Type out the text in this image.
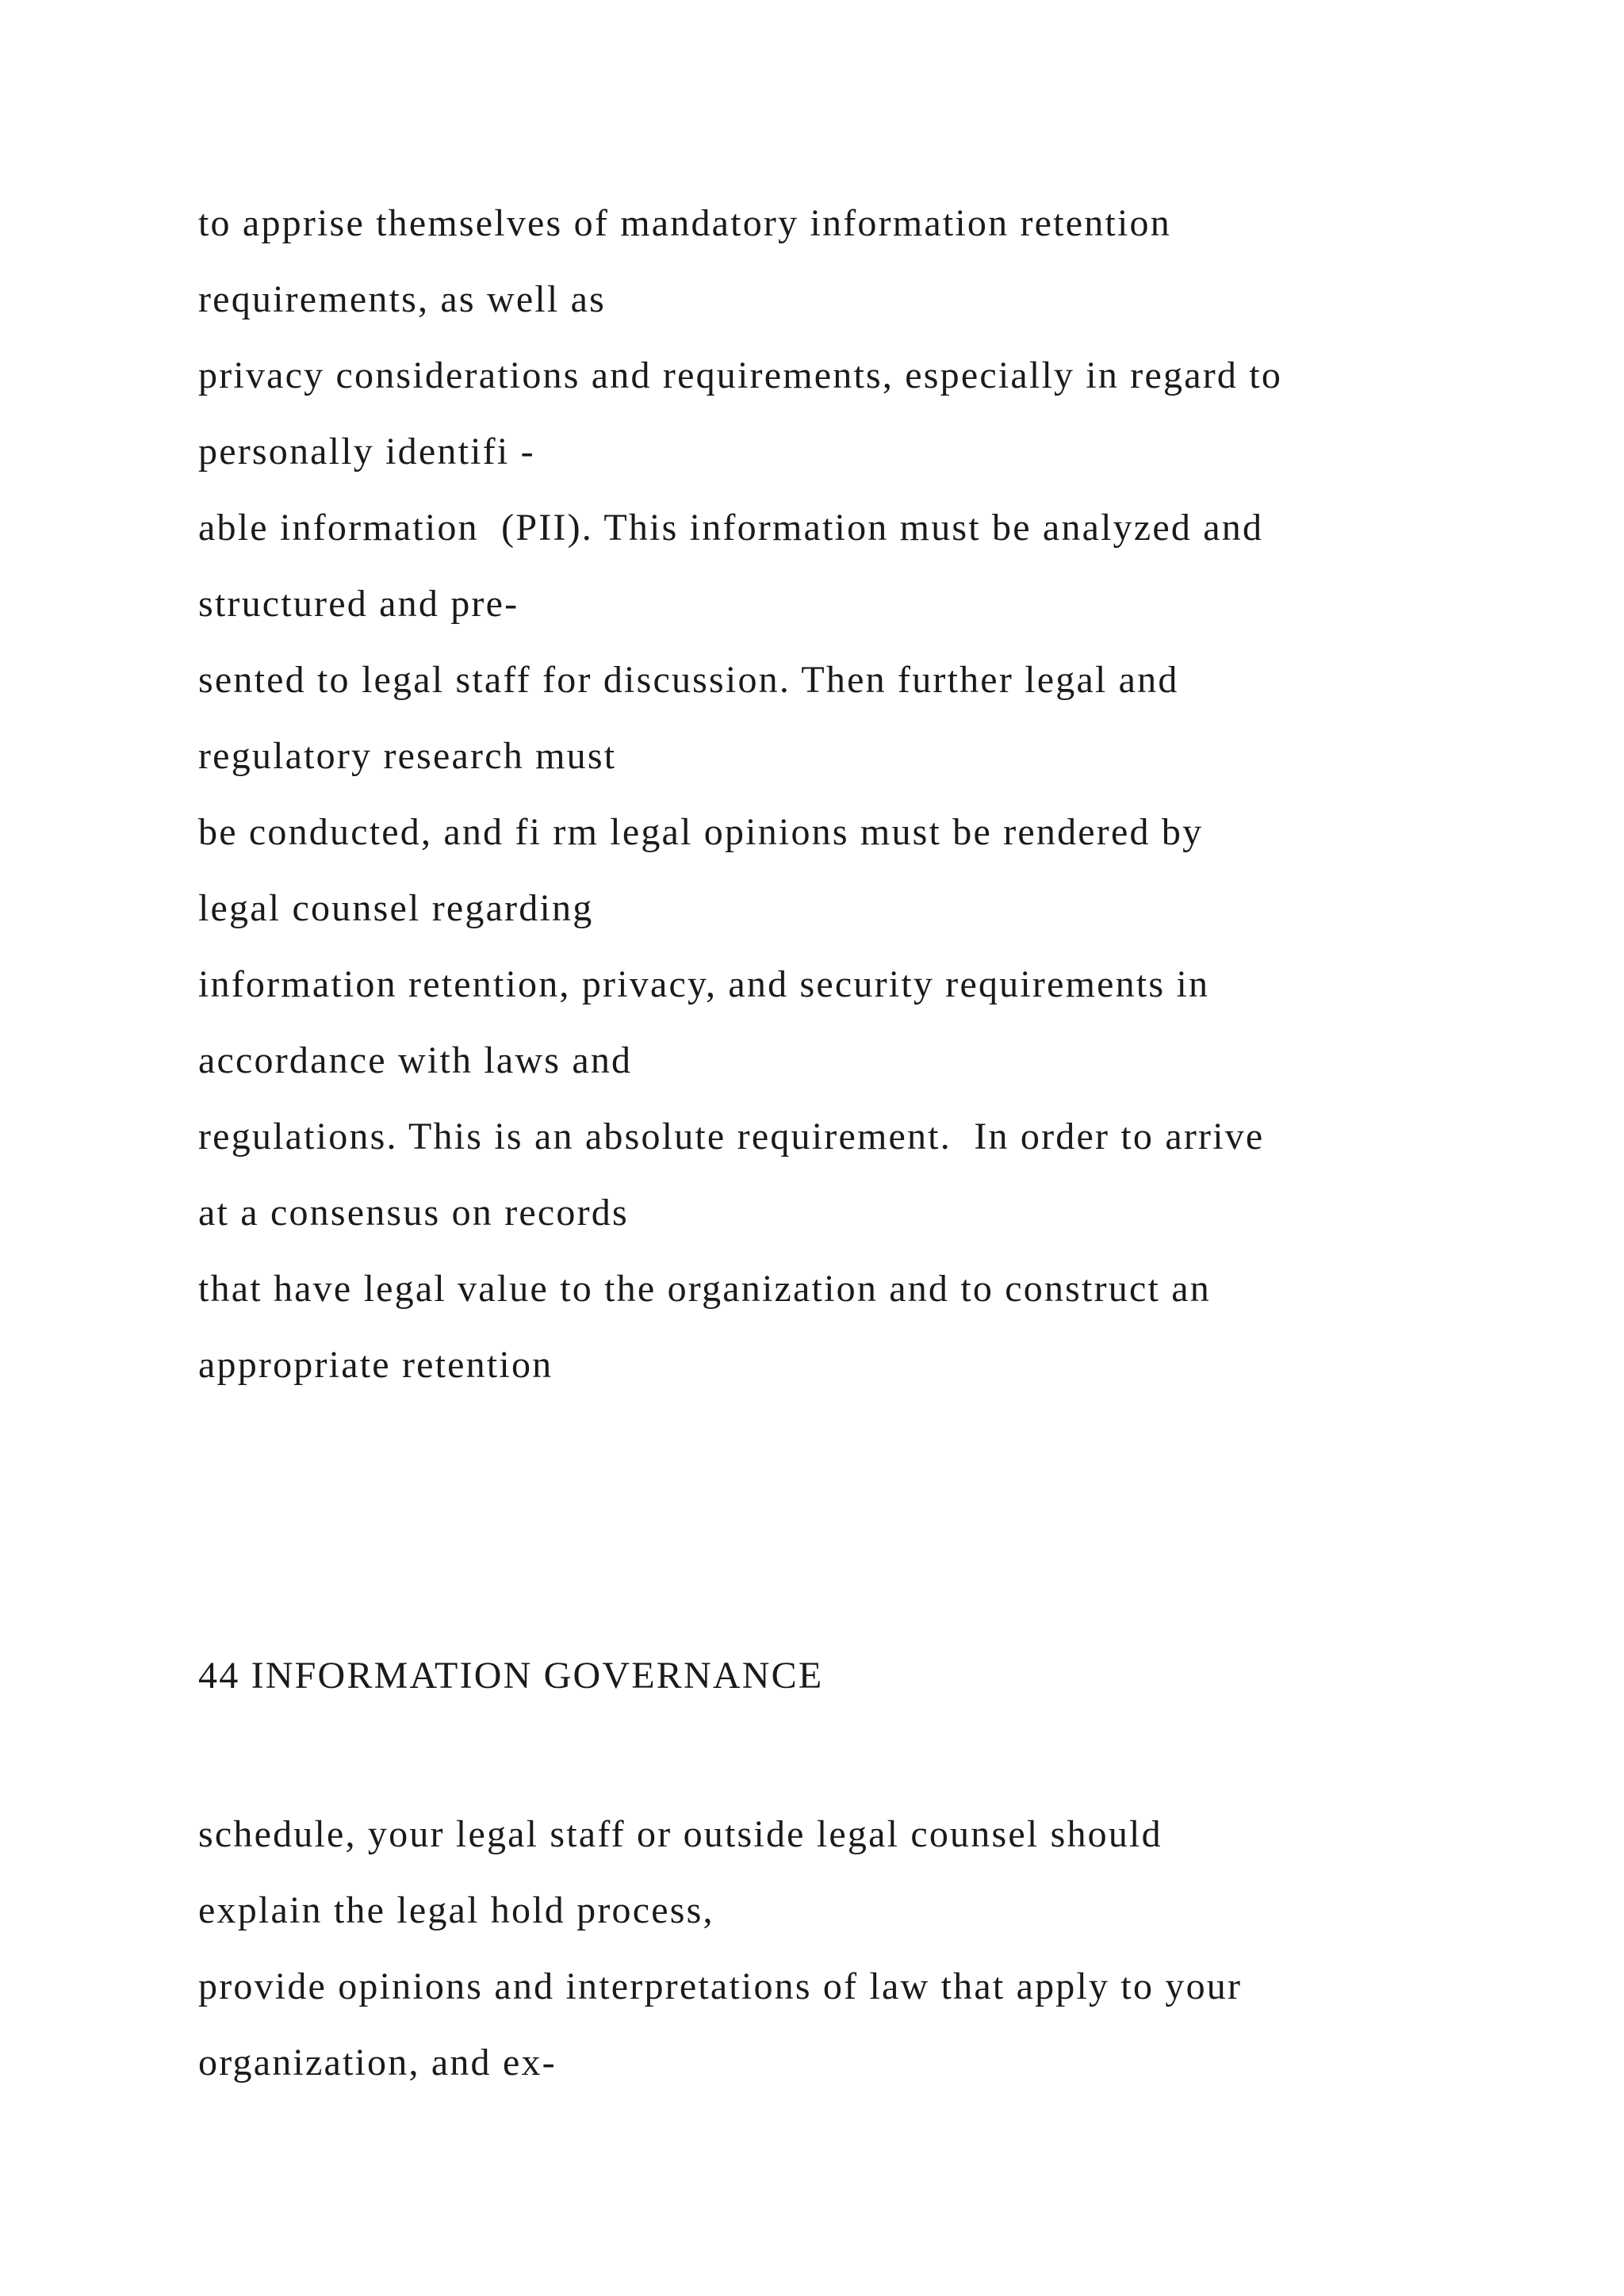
to apprise themselves of mandatory information retention
requirements, as well as
privacy considerations and requirements, especially in regard to
personally identifi -
able information  (PII). This information must be analyzed and
structured and pre-
sented to legal staff for discussion. Then further legal and
regulatory research must
be conducted, and fi rm legal opinions must be rendered by
legal counsel regarding
information retention, privacy, and security requirements in
accordance with laws and
regulations. This is an absolute requirement.  In order to arrive
at a consensus on records
that have legal value to the organization and to construct an
appropriate retention
44 INFORMATION GOVERNANCE
schedule, your legal staff or outside legal counsel should
explain the legal hold process,
provide opinions and interpretations of law that apply to your
organization, and ex-
